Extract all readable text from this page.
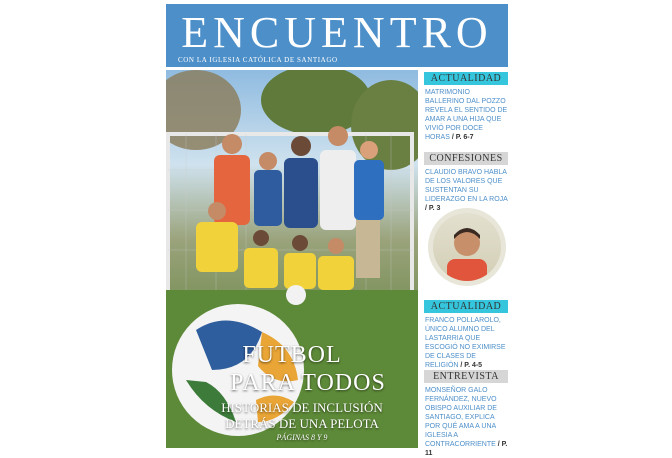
ENCUENTRO
CON LA IGLESIA CATÓLICA DE SANTIAGO
FUTBOL
PARA TODOS
HISTORIAS DE INCLUSIÓN
DETRÁS DE UNA PELOTA
PÁGINAS 8 Y 9
ACTUALIDAD
MATRIMONIO BALLERINO DAL POZZO REVELA EL SENTIDO DE AMAR A UNA HIJA QUE VIVIÓ POR DOCE HORAS / P. 6-7
CONFESIONES
CLAUDIO BRAVO HABLA DE LOS VALORES QUE SUSTENTAN SU LIDERAZGO EN LA ROJA / P. 3
ACTUALIDAD
FRANCO POLLAROLO, ÚNICO ALUMNO DEL LASTARRIA QUE ESCOGIÓ NO EXIMIRSE DE CLASES DE RELIGIÓN / P. 4-5
ENTREVISTA
MONSEÑOR GALO FERNÁNDEZ, NUEVO OBISPO AUXILIAR DE SANTIAGO, EXPLICA POR QUÉ AMA A UNA IGLESIA A CONTRACORRIENTE / P. 11
